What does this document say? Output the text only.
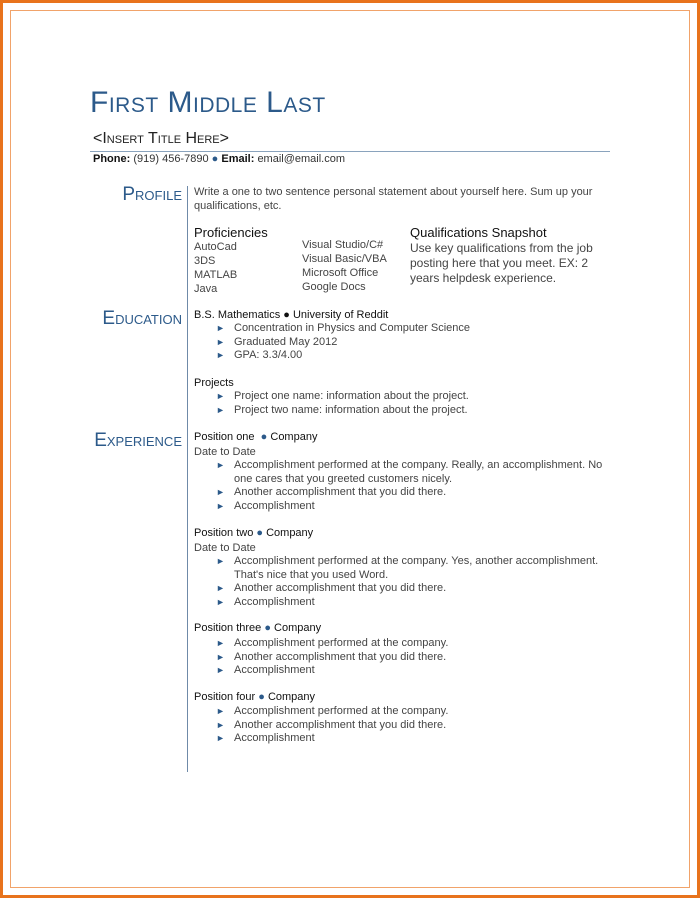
First Middle Last
<Insert Title Here>
Phone: (919) 456-7890 ● Email: email@email.com
Profile
Education
Experience
Write a one to two sentence personal statement about yourself here. Sum up your qualifications, etc.
Proficiencies
AutoCad
3DS
MATLAB
Java
Visual Studio/C#
Visual Basic/VBA
Microsoft Office
Google Docs
Qualifications Snapshot
Use key qualifications from the job posting here that you meet. EX: 2 years helpdesk experience.
B.S. Mathematics ● University of Reddit
► Concentration in Physics and Computer Science
► Graduated May 2012
► GPA: 3.3/4.00
Projects
► Project one name: information about the project.
► Project two name: information about the project.
Position one  ● Company
Date to Date
► Accomplishment performed at the company. Really, an accomplishment. No one cares that you greeted customers nicely.
► Another accomplishment that you did there.
► Accomplishment
Position two ● Company
Date to Date
► Accomplishment performed at the company. Yes, another accomplishment. That's nice that you used Word.
► Another accomplishment that you did there.
► Accomplishment
Position three ● Company
► Accomplishment performed at the company.
► Another accomplishment that you did there.
► Accomplishment
Position four ● Company
► Accomplishment performed at the company.
► Another accomplishment that you did there.
► Accomplishment
